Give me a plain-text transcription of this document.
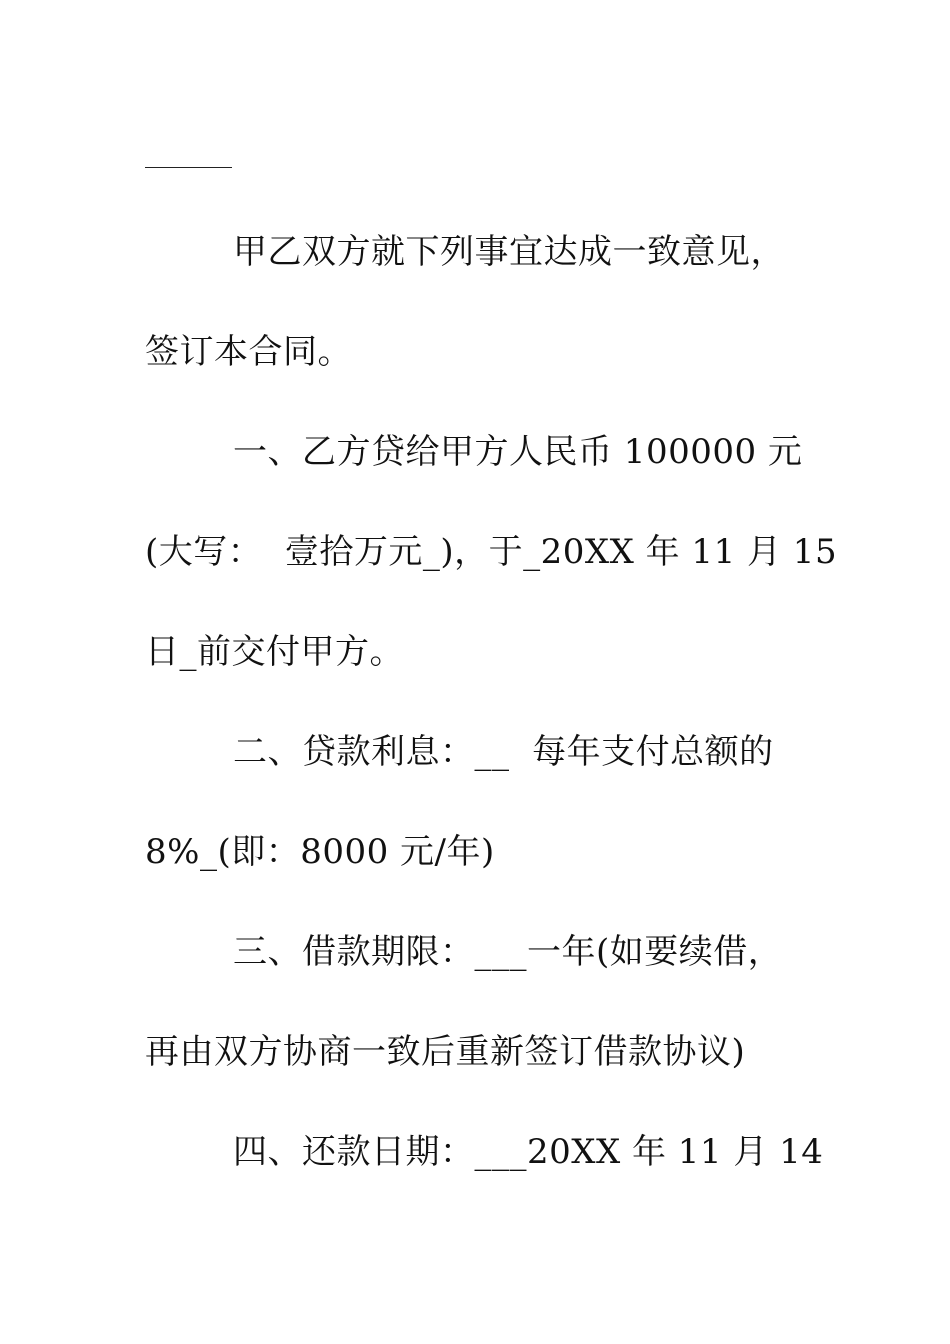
甲乙双方就下列事宜达成一致意见，
签订本合同。
一、乙方贷给甲方人民币 100000 元
(大写：  壹拾万元_)，于_20XX 年 11 月 15
日_前交付甲方。
二、贷款利息：__  每年支付总额的
8%_(即：8000 元/年)
三、借款期限：___一年(如要续借，
再由双方协商一致后重新签订借款协议)
四、还款日期：___20XX 年 11 月 14
